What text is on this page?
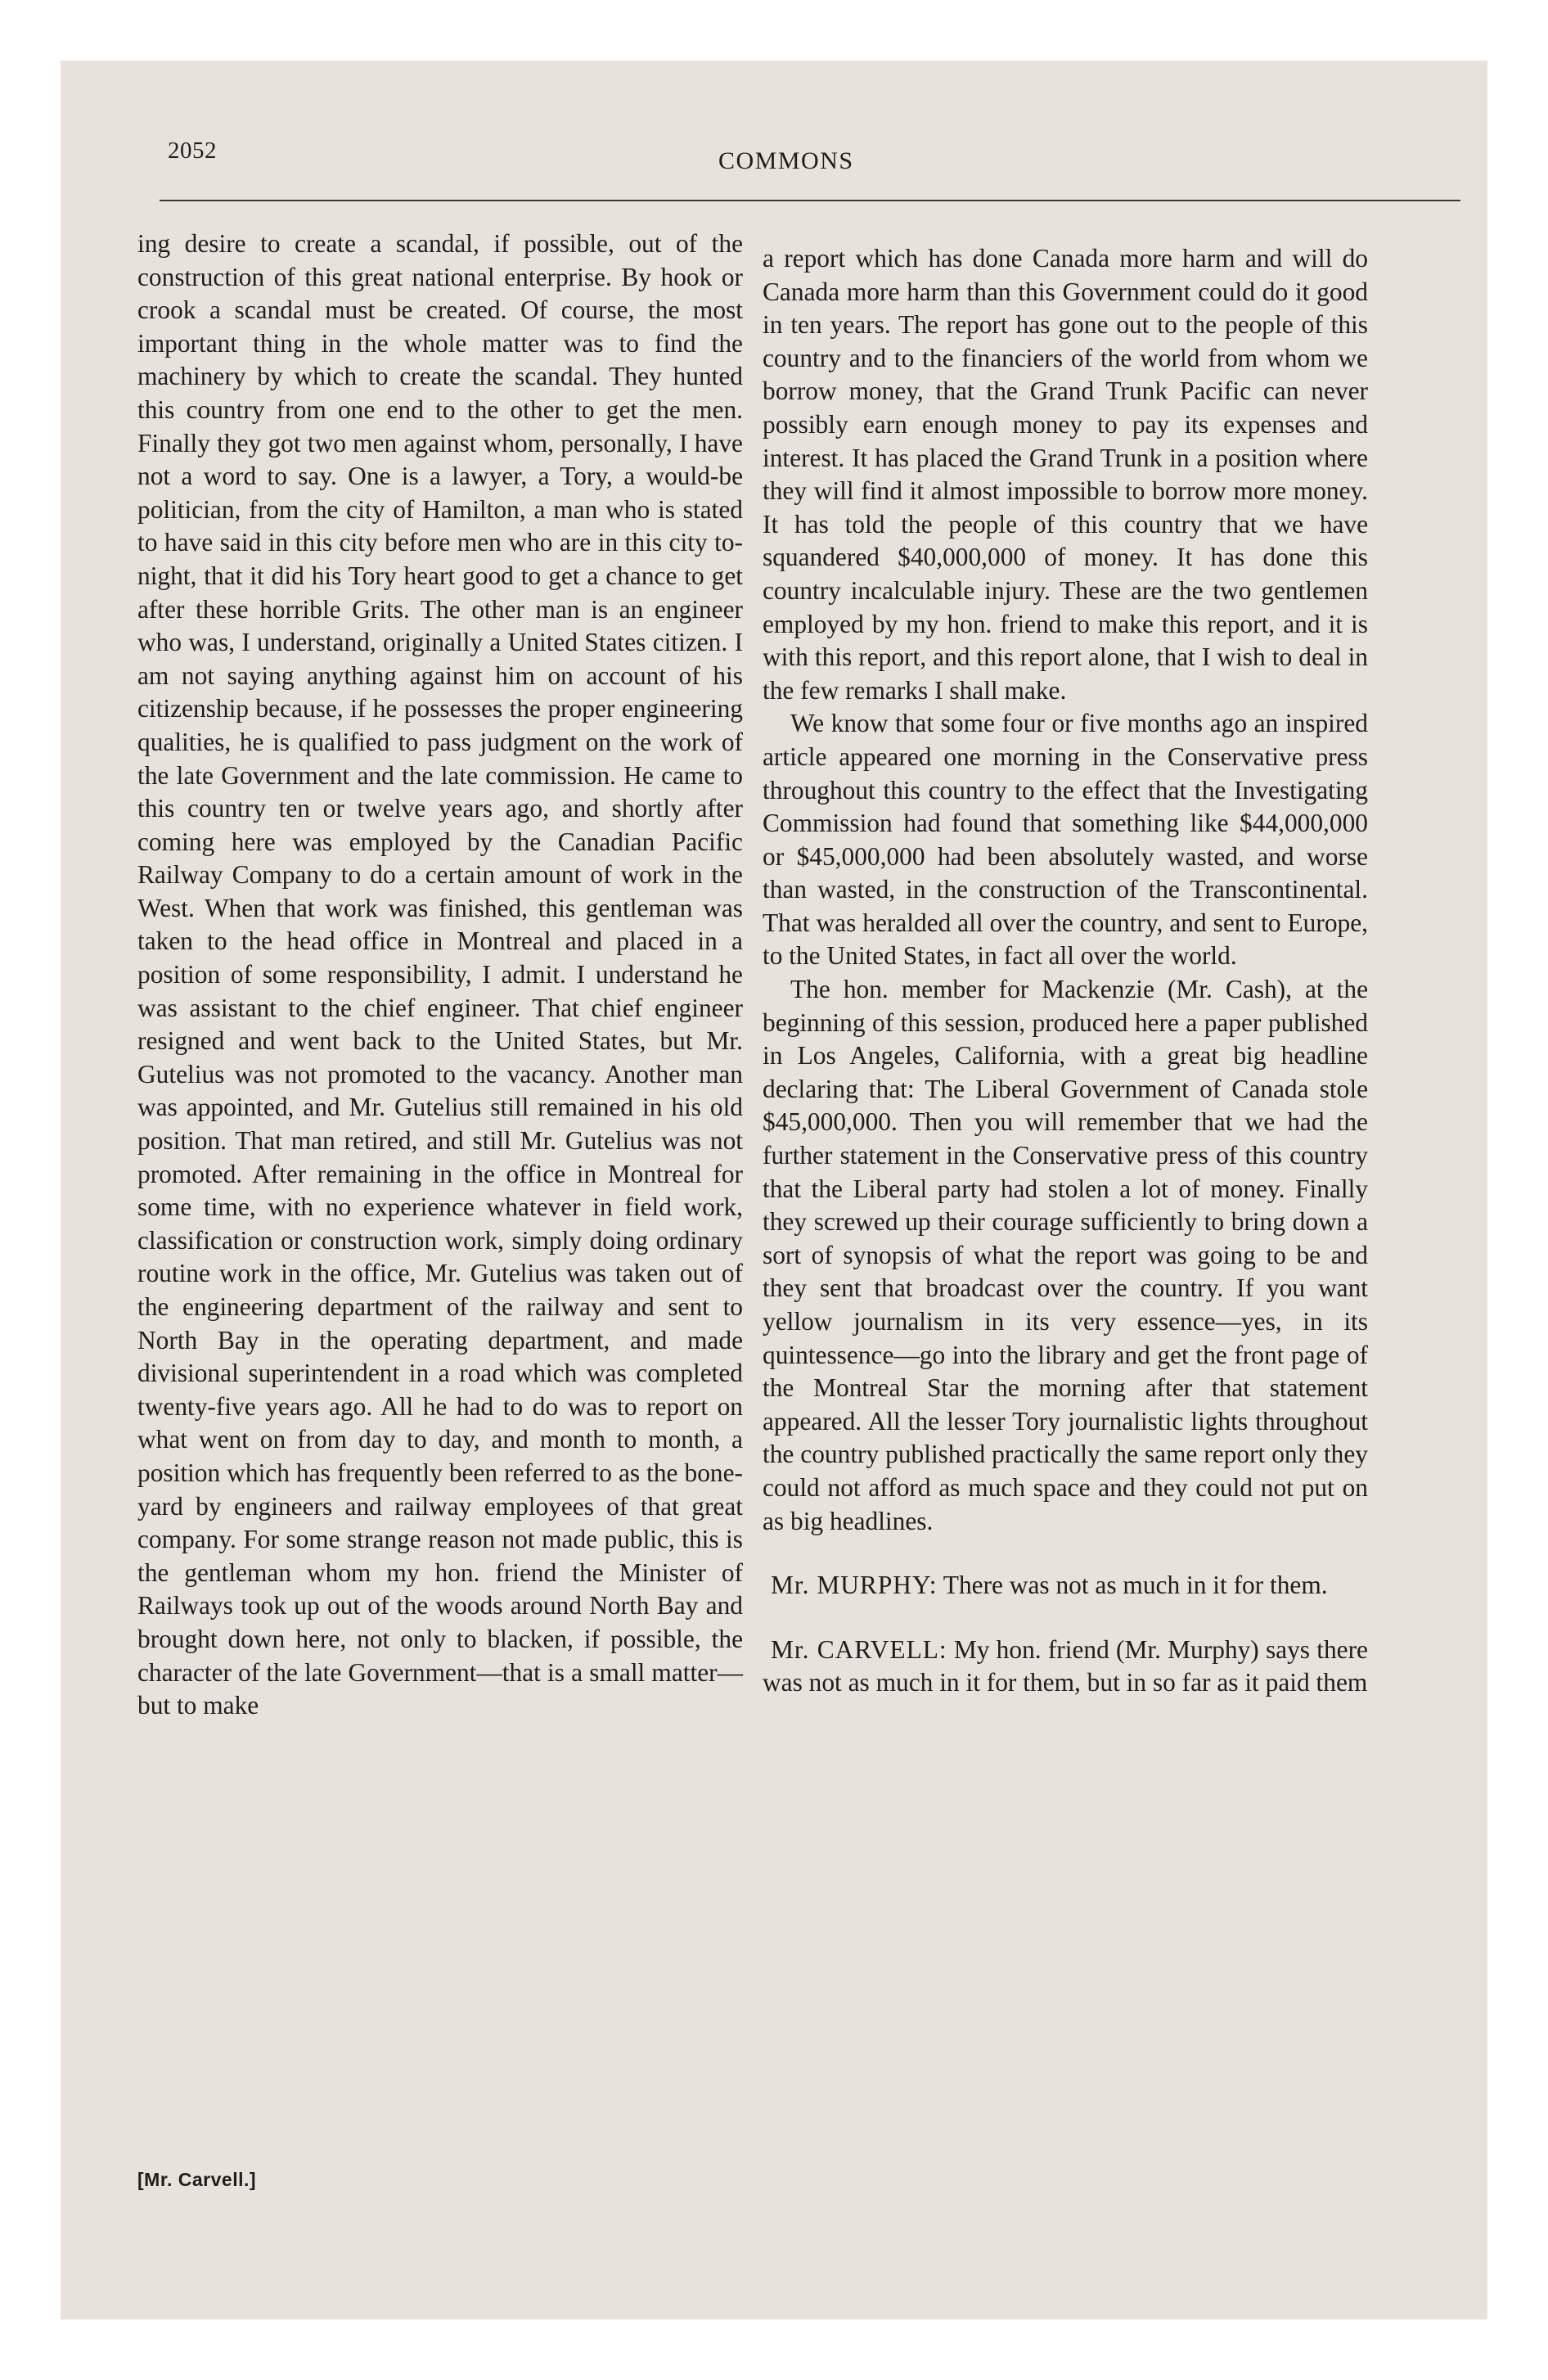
2052	COMMONS

ing desire to create a scandal, if possible, out of the construction of this great national enterprise. By hook or crook a scandal must be created. Of course, the most important thing in the whole matter was to find the machinery by which to create the scandal. They hunted this country from one end to the other to get the men. Finally they got two men against whom, personally, I have not a word to say. One is a lawyer, a Tory, a would-be politician, from the city of Hamilton, a man who is stated to have said in this city before men who are in this city to-night, that it did his Tory heart good to get a chance to get after these horrible Grits. The other man is an engineer who was, I understand, originally a United States citizen. I am not saying anything against him on account of his citizenship because, if he possesses the proper engineering qualities, he is qualified to pass judgment on the work of the late Government and the late commission. He came to this country ten or twelve years ago, and shortly after coming here was employed by the Canadian Pacific Railway Company to do a certain amount of work in the West. When that work was finished, this gentleman was taken to the head office in Montreal and placed in a position of some responsibility, I admit. I understand he was assistant to the chief engineer. That chief engineer resigned and went back to the United States, but Mr. Gutelius was not promoted to the vacancy. Another man was appointed, and Mr. Gutelius still remained in his old position. That man retired, and still Mr. Gutelius was not promoted. After remaining in the office in Montreal for some time, with no experience whatever in field work, classification or construction work, simply doing ordinary routine work in the office, Mr. Gutelius was taken out of the engineering department of the railway and sent to North Bay in the operating department, and made divisional superintendent in a road which was completed twenty-five years ago. All he had to do was to report on what went on from day to day, and month to month, a position which has frequently been referred to as the bone-yard by engineers and railway employees of that great company. For some strange reason not made public, this is the gentleman whom my hon. friend the Minister of Railways took up out of the woods around North Bay and brought down here, not only to blacken, if possible, the character of the late Government—that is a small matter—but to make

a report which has done Canada more harm and will do Canada more harm than this Government could do it good in ten years. The report has gone out to the people of this country and to the financiers of the world from whom we borrow money, that the Grand Trunk Pacific can never possibly earn enough money to pay its expenses and interest. It has placed the Grand Trunk in a position where they will find it almost impossible to borrow more money. It has told the people of this country that we have squandered $40,000,000 of money. It has done this country incalculable injury. These are the two gentlemen employed by my hon. friend to make this report, and it is with this report, and this report alone, that I wish to deal in the few remarks I shall make.

We know that some four or five months ago an inspired article appeared one morning in the Conservative press throughout this country to the effect that the Investigating Commission had found that something like $44,000,000 or $45,000,000 had been absolutely wasted, and worse than wasted, in the construction of the Transcontinental. That was heralded all over the country, and sent to Europe, to the United States, in fact all over the world.

The hon. member for Mackenzie (Mr. Cash), at the beginning of this session, produced here a paper published in Los Angeles, California, with a great big headline declaring that: The Liberal Government of Canada stole $45,000,000. Then you will remember that we had the further statement in the Conservative press of this country that the Liberal party had stolen a lot of money. Finally they screwed up their courage sufficiently to bring down a sort of synopsis of what the report was going to be and they sent that broadcast over the country. If you want yellow journalism in its very essence—yes, in its quintessence—go into the library and get the front page of the Montreal Star the morning after that statement appeared. All the lesser Tory journalistic lights throughout the country published practically the same report only they could not afford as much space and they could not put on as big headlines.

Mr. MURPHY: There was not as much in it for them.

Mr. CARVELL: My hon. friend (Mr. Murphy) says there was not as much in it for them, but in so far as it paid them

[Mr. Carvell.]
